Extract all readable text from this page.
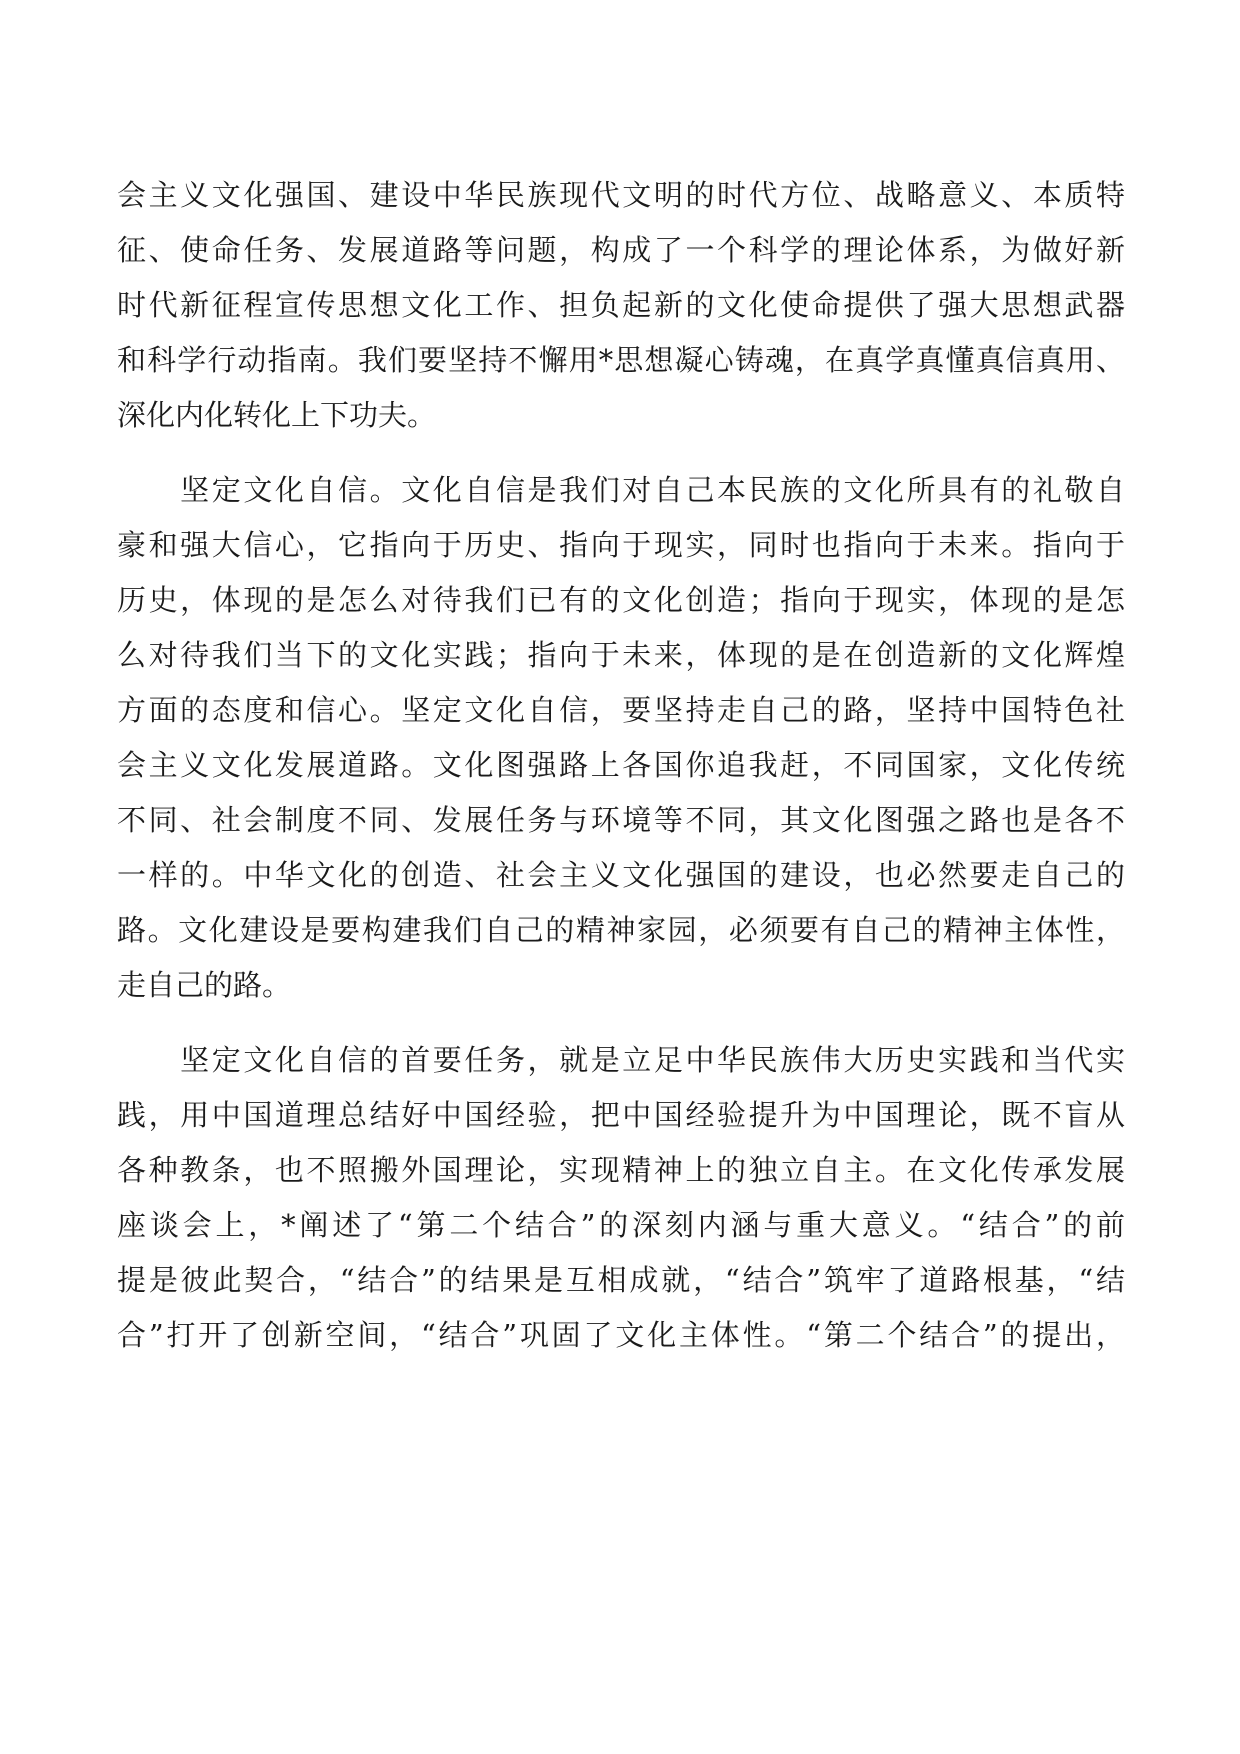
会主义文化强国、建设中华民族现代文明的时代方位、战略意义、本质特
征、使命任务、发展道路等问题，构成了一个科学的理论体系，为做好新
时代新征程宣传思想文化工作、担负起新的文化使命提供了强大思想武器
和科学行动指南。我们要坚持不懈用*思想凝心铸魂，在真学真懂真信真用、
深化内化转化上下功夫。
　　坚定文化自信。文化自信是我们对自己本民族的文化所具有的礼敬自
豪和强大信心，它指向于历史、指向于现实，同时也指向于未来。指向于
历史，体现的是怎么对待我们已有的文化创造；指向于现实，体现的是怎
么对待我们当下的文化实践；指向于未来，体现的是在创造新的文化辉煌
方面的态度和信心。坚定文化自信，要坚持走自己的路，坚持中国特色社
会主义文化发展道路。文化图强路上各国你追我赶，不同国家，文化传统
不同、社会制度不同、发展任务与环境等不同，其文化图强之路也是各不
一样的。中华文化的创造、社会主义文化强国的建设，也必然要走自己的
路。文化建设是要构建我们自己的精神家园，必须要有自己的精神主体性，
走自己的路。
　　坚定文化自信的首要任务，就是立足中华民族伟大历史实践和当代实
践，用中国道理总结好中国经验，把中国经验提升为中国理论，既不盲从
各种教条，也不照搬外国理论，实现精神上的独立自主。在文化传承发展
座谈会上，*阐述了“第二个结合”的深刻内涵与重大意义。“结合”的前
提是彼此契合，“结合”的结果是互相成就，“结合”筑牢了道路根基，“结
合”打开了创新空间，“结合”巩固了文化主体性。“第二个结合”的提出，
